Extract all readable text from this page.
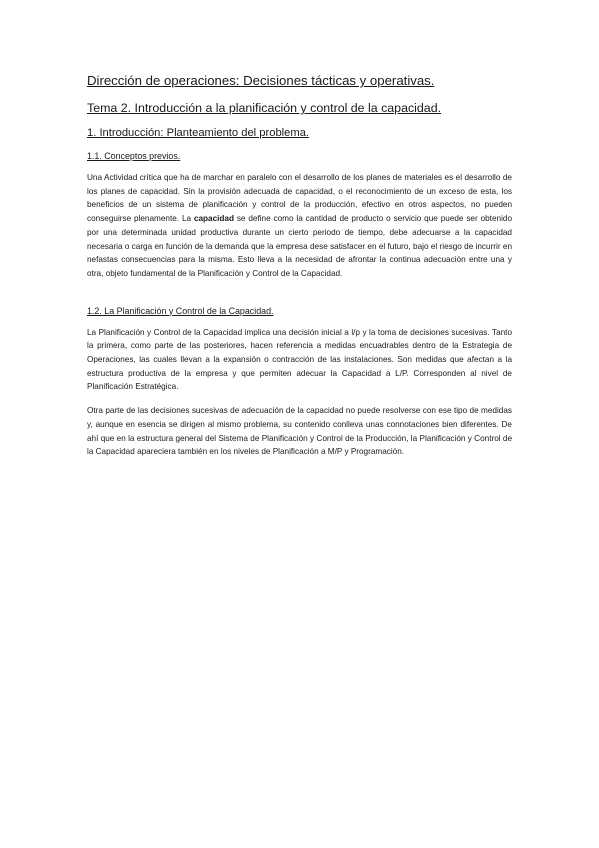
Dirección de operaciones: Decisiones tácticas y operativas.
Tema 2. Introducción a la planificación y control de la capacidad.
1. Introducción: Planteamiento del problema.
1.1. Conceptos previos.

Una Actividad crítica que ha de marchar en paralelo con el desarrollo de los planes de materiales es el desarrollo de los planes de capacidad. Sin la provisión adecuada de capacidad, o el reconocimiento de un exceso de esta, los beneficios de un sistema de planificación y control de la producción, efectivo en otros aspectos, no pueden conseguirse plenamente. La capacidad se define como la cantidad de producto o servicio que puede ser obtenido por una determinada unidad productiva durante un cierto periodo de tiempo, debe adecuarse a la capacidad necesaria o carga en función de la demanda que la empresa dese satisfacer en el futuro, bajo el riesgo de incurrir en nefastas consecuencias para la misma. Esto lleva a la necesidad de afrontar la continua adecuación entre una y otra, objeto fundamental de la Planificación y Control de la Capacidad.

1.2. La Planificación y Control de la Capacidad.

La Planificación y Control de la Capacidad implica una decisión inicial a l/p y la toma de decisiones sucesivas. Tanto la primera, como parte de las posteriores, hacen referencia a medidas encuadrables dentro de la Estrategia de Operaciones, las cuales llevan a la expansión o contracción de las instalaciones. Son medidas que afectan a la estructura productiva de la empresa y que permiten adecuar la Capacidad a L/P. Corresponden al nivel de Planificación Estratégica.

Otra parte de las decisiones sucesivas de adecuación de la capacidad no puede resolverse con ese tipo de medidas y, aunque en esencia se dirigen al mismo problema, su contenido conlleva unas connotaciones bien diferentes. De ahí que en la estructura general del Sistema de Planificación y Control de la Producción, la Planificación y Control de la Capacidad apareciera también en los niveles de Planificación a M/P y Programación.
